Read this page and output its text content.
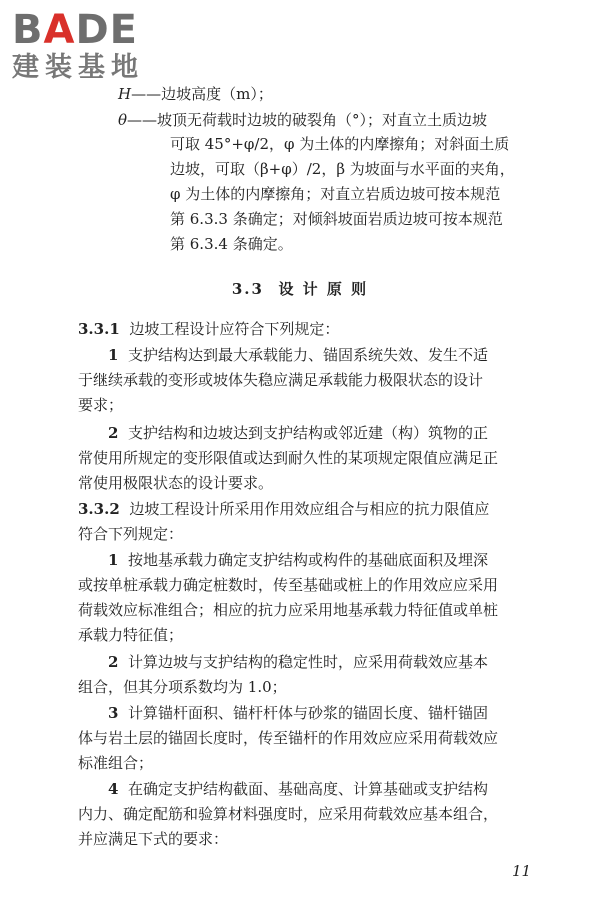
BADE
建装基地
H——边坡高度（m）；
θ——坡顶无荷载时边坡的破裂角（°）；对直立土质边坡
可取 45°+φ/2，φ 为土体的内摩擦角；对斜面土质
边坡，可取（β+φ）/2，β 为坡面与水平面的夹角，
φ 为土体的内摩擦角；对直立岩质边坡可按本规范
第 6.3.3 条确定；对倾斜坡面岩质边坡可按本规范
第 6.3.4 条确定。
3.3 设 计 原 则
3.3.1 边坡工程设计应符合下列规定：
1 支护结构达到最大承载能力、锚固系统失效、发生不适
于继续承载的变形或坡体失稳应满足承载能力极限状态的设计
要求；
2 支护结构和边坡达到支护结构或邻近建（构）筑物的正
常使用所规定的变形限值或达到耐久性的某项规定限值应满足正
常使用极限状态的设计要求。
3.3.2 边坡工程设计所采用作用效应组合与相应的抗力限值应
符合下列规定：
1 按地基承载力确定支护结构或构件的基础底面积及埋深
或按单桩承载力确定桩数时，传至基础或桩上的作用效应应采用
荷载效应标准组合；相应的抗力应采用地基承载力特征值或单桩
承载力特征值；
2 计算边坡与支护结构的稳定性时，应采用荷载效应基本
组合，但其分项系数均为 1.0；
3 计算锚杆面积、锚杆杆体与砂浆的锚固长度、锚杆锚固
体与岩土层的锚固长度时，传至锚杆的作用效应应采用荷载效应
标准组合；
4 在确定支护结构截面、基础高度、计算基础或支护结构
内力、确定配筋和验算材料强度时，应采用荷载效应基本组合，
并应满足下式的要求：
11
